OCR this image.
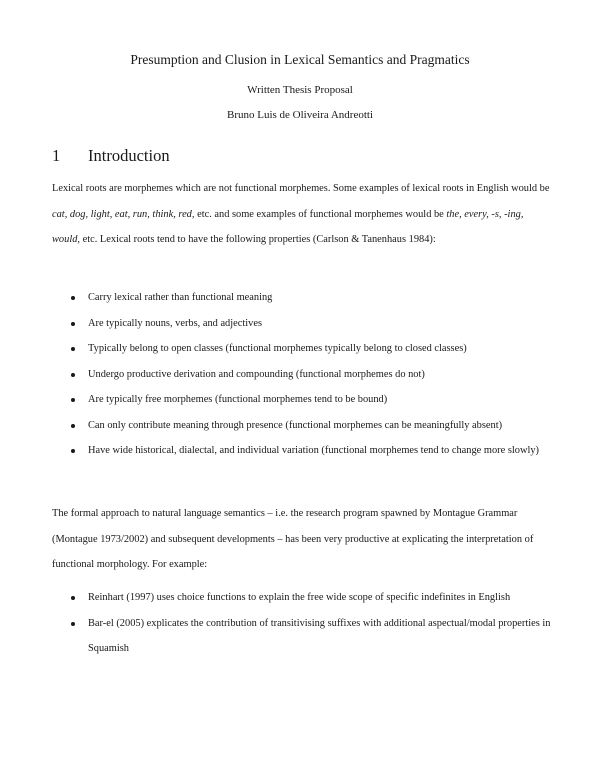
Presumption and Clusion in Lexical Semantics and Pragmatics
Written Thesis Proposal
Bruno Luis de Oliveira Andreotti
1 Introduction

Lexical roots are morphemes which are not functional morphemes. Some examples of lexical roots in English would be cat, dog, light, eat, run, think, red, etc. and some examples of functional morphemes would be the, every, -s, -ing, would, etc. Lexical roots tend to have the following properties (Carlson & Tanenhaus 1984):

Carry lexical rather than functional meaning
Are typically nouns, verbs, and adjectives
Typically belong to open classes (functional morphemes typically belong to closed classes)
Undergo productive derivation and compounding (functional morphemes do not)
Are typically free morphemes (functional morphemes tend to be bound)
Can only contribute meaning through presence (functional morphemes can be meaningfully absent)
Have wide historical, dialectal, and individual variation (functional morphemes tend to change more slowly)

The formal approach to natural language semantics – i.e. the research program spawned by Montague Grammar (Montague 1973/2002) and subsequent developments – has been very productive at explicating the interpretation of functional morphology. For example:

Reinhart (1997) uses choice functions to explain the free wide scope of specific indefinites in English
Bar-el (2005) explicates the contribution of transitivising suffixes with additional aspectual/modal properties in Squamish
